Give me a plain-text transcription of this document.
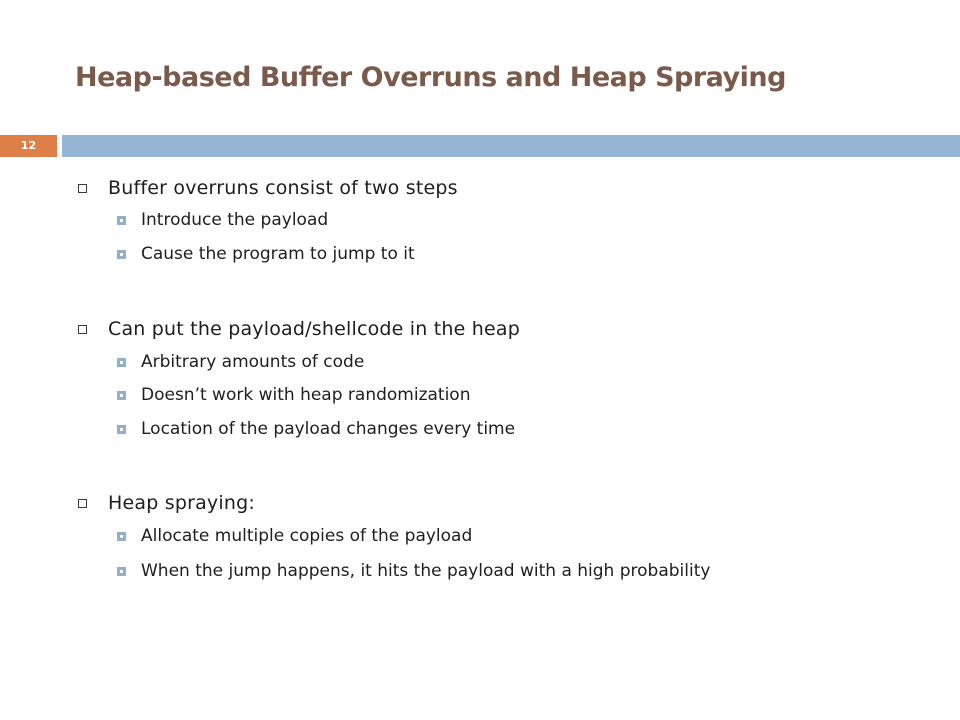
Heap-based Buffer Overruns and Heap Spraying
12
Buffer overruns consist of two steps
Introduce the payload
Cause the program to jump to it
Can put the payload/shellcode in the heap
Arbitrary amounts of code
Doesn’t work with heap randomization
Location of the payload changes every time
Heap spraying:
Allocate multiple copies of the payload
When the jump happens, it hits the payload with a high probability
